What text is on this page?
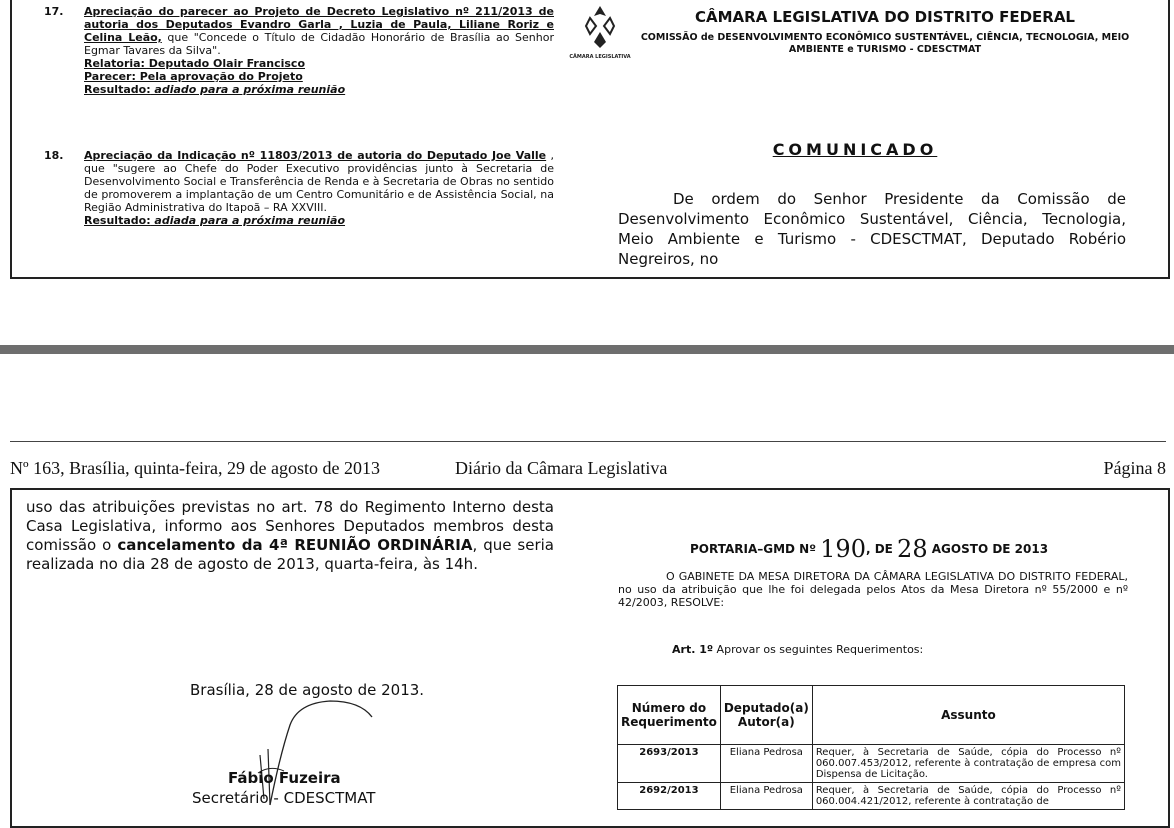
17. Apreciação do parecer ao Projeto de Decreto Legislativo nº 211/2013 de autoria dos Deputados Evandro Garla , Luzia de Paula, Liliane Roriz e Celina Leão, que "Concede o Título de Cidadão Honorário de Brasília ao Senhor Egmar Tavares da Silva".
Relatoria: Deputado Olair Francisco
Parecer: Pela aprovação do Projeto
Resultado: adiado para a próxima reunião
18. Apreciação da Indicação nº 11803/2013 de autoria do Deputado Joe Valle , que "sugere ao Chefe do Poder Executivo providências junto à Secretaria de Desenvolvimento Social e Transferência de Renda e à Secretaria de Obras no sentido de promoverem a implantação de um Centro Comunitário e de Assistência Social, na Região Administrativa do Itapoã – RA XXVIII.
Resultado: adiada para a próxima reunião
CÂMARA LEGISLATIVA
CÂMARA LEGISLATIVA DO DISTRITO FEDERAL
COMISSÃO de DESENVOLVIMENTO ECONÔMICO SUSTENTÁVEL, CIÊNCIA, TECNOLOGIA, MEIO AMBIENTE e TURISMO - CDESCTMAT
COMUNICADO
De ordem do Senhor Presidente da Comissão de Desenvolvimento Econômico Sustentável, Ciência, Tecnologia, Meio Ambiente e Turismo - CDESCTMAT, Deputado Robério Negreiros, no
Nº 163, Brasília, quinta-feira, 29 de agosto de 2013	Diário da Câmara Legislativa	Página 8
uso das atribuições previstas no art. 78 do Regimento Interno desta Casa Legislativa, informo aos Senhores Deputados membros desta comissão o cancelamento da 4ª REUNIÃO ORDINÁRIA, que seria realizada no dia 28 de agosto de 2013, quarta-feira, às 14h.
Brasília, 28 de agosto de 2013.
Fábio Fuzeira
Secretário - CDESCTMAT
PORTARIA–GMD Nº 190, DE 28 AGOSTO DE 2013
O GABINETE DA MESA DIRETORA DA CÂMARA LEGISLATIVA DO DISTRITO FEDERAL, no uso da atribuição que lhe foi delegada pelos Atos da Mesa Diretora nº 55/2000 e nº 42/2003, RESOLVE:
Art. 1º Aprovar os seguintes Requerimentos:
Número do Requerimento	Deputado(a) Autor(a)	Assunto
2693/2013	Eliana Pedrosa	Requer, à Secretaria de Saúde, cópia do Processo nº 060.007.453/2012, referente à contratação de empresa com Dispensa de Licitação.
2692/2013	Eliana Pedrosa	Requer, à Secretaria de Saúde, cópia do Processo nº 060.004.421/2012, referente à contratação de
